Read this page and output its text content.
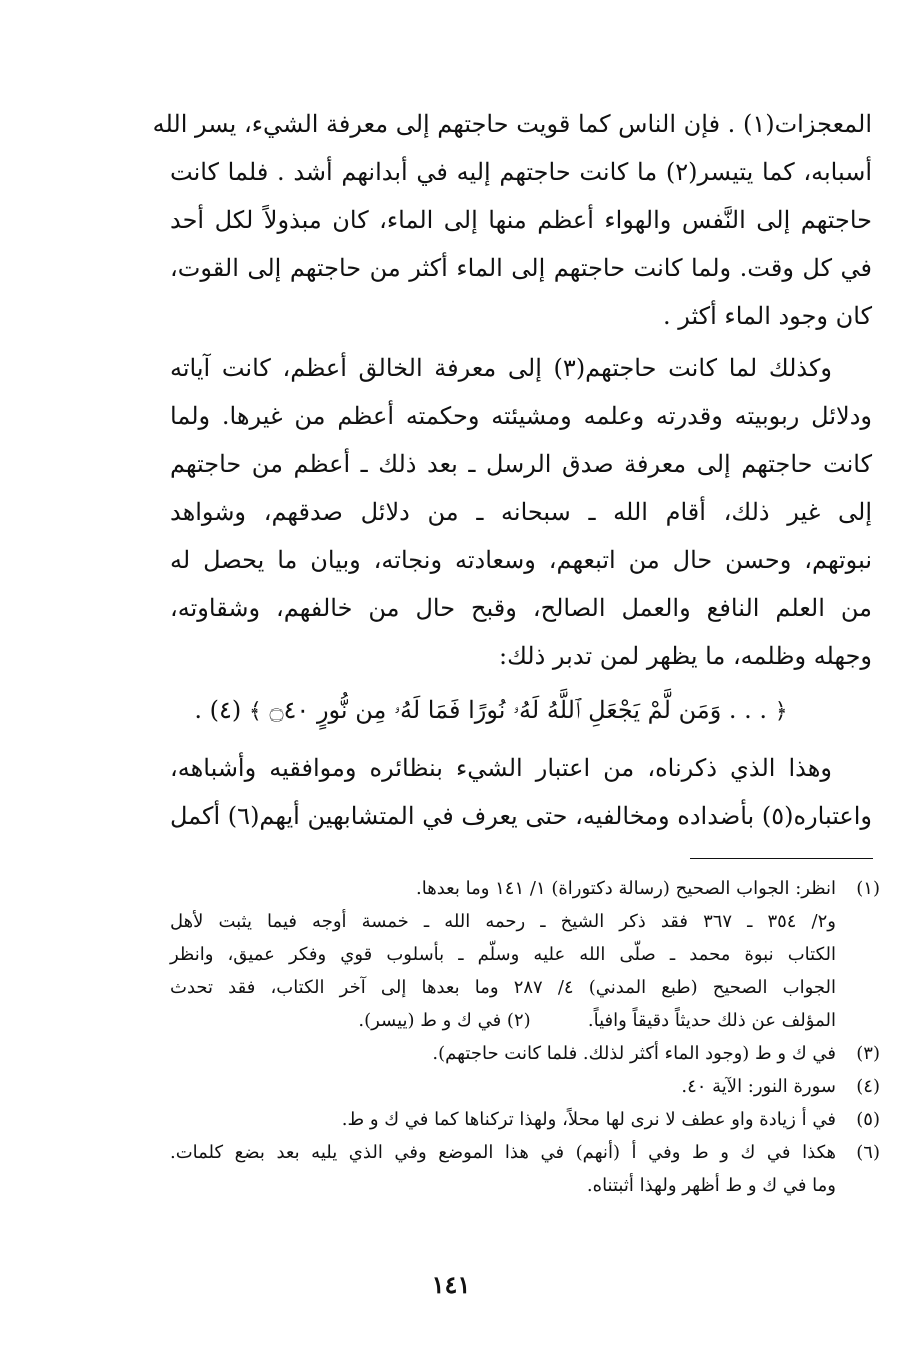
المعجزات(١) . فإن الناس كما قويت حاجتهم إلى معرفة الشيء، يسر الله
أسبابه، كما يتيسر(٢) ما كانت حاجتهم إليه في أبدانهم أشد . فلما كانت
حاجتهم إلى النَّفس والهواء أعظم منها إلى الماء، كان مبذولاً لكل أحد
في كل وقت. ولما كانت حاجتهم إلى الماء أكثر من حاجتهم إلى القوت،
كان وجود الماء أكثر .
وكذلك لما كانت حاجتهم(٣) إلى معرفة الخالق أعظم، كانت آياته
ودلائل ربوبيته وقدرته وعلمه ومشيئته وحكمته أعظم من غيرها. ولما
كانت حاجتهم إلى معرفة صدق الرسل ـ بعد ذلك ـ أعظم من حاجتهم
إلى غير ذلك، أقام الله ـ سبحانه ـ من دلائل صدقهم، وشواهد
نبوتهم، وحسن حال من اتبعهم، وسعادته ونجاته، وبيان ما يحصل له
من العلم النافع والعمل الصالح، وقبح حال من خالفهم، وشقاوته،
وجهله وظلمه، ما يظهر لمن تدبر ذلك:
﴿ . . . وَمَن لَّمْ يَجْعَلِ ٱللَّهُ لَهُۥ نُورًا فَمَا لَهُۥ مِن نُّورٍ ۝٤٠ ﴾ (٤) .
وهذا الذي ذكرناه، من اعتبار الشيء بنظائره وموافقيه وأشباهه،
واعتباره(٥) بأضداده ومخالفيه، حتى يعرف في المتشابهين أيهم(٦) أكمل
(١)
انظر: الجواب الصحيح (رسالة دكتوراة) ١/ ١٤١ وما بعدها.
و٢/ ٣٥٤ ـ ٣٦٧ فقد ذكر الشيخ ـ رحمه الله ـ خمسة أوجه فيما يثبت لأهل
الكتاب نبوة محمد ـ صلّى الله عليه وسلّم ـ بأسلوب قوي وفكر عميق، وانظر
الجواب الصحيح (طبع المدني) ٤/ ٢٨٧ وما بعدها إلى آخر الكتاب، فقد تحدث
المؤلف عن ذلك حديثاً دقيقاً وافياً.          (٢) في ك و ط (ييسر).
(٣)
في ك و ط (وجود الماء أكثر لذلك. فلما كانت حاجتهم).
(٤)
سورة النور: الآية ٤٠.
(٥)
في أ زيادة واو عطف لا نرى لها محلاً، ولهذا تركناها كما في ك و ط.
(٦)
هكذا في ك و ط وفي أ (أنهم) في هذا الموضع وفي الذي يليه بعد بضع كلمات.
وما في ك و ط أظهر ولهذا أثبتناه.
١٤١
